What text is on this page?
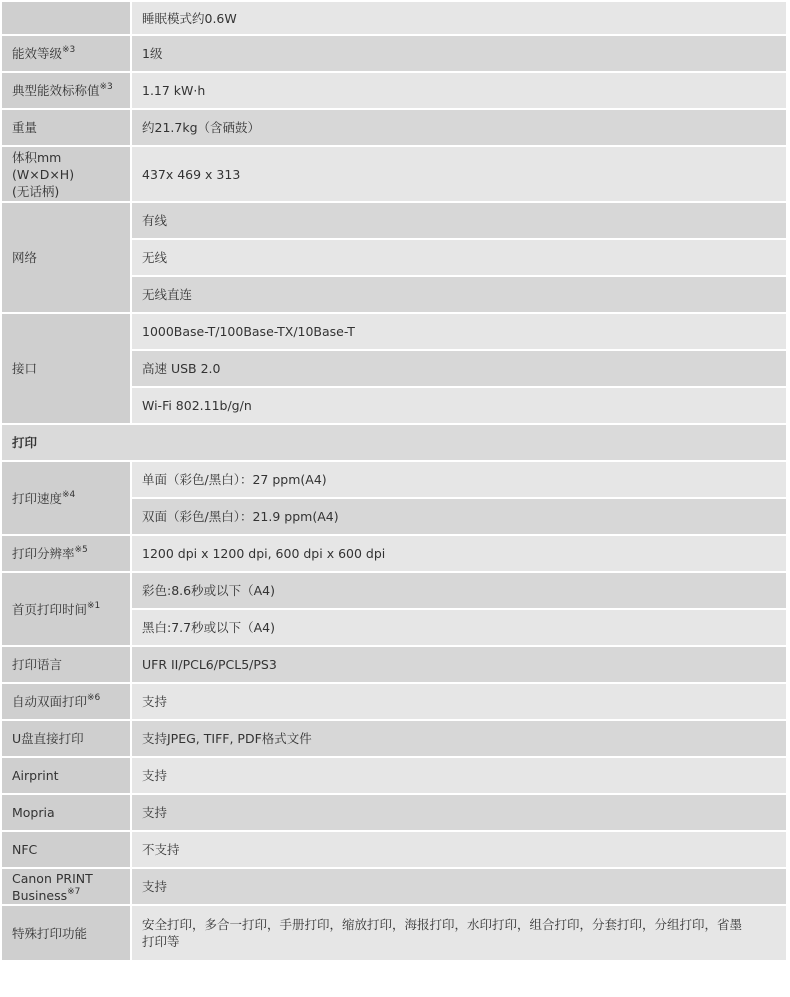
	睡眠模式约0.6W
能效等级$^{※3}$	1级
典型能效标称值$^{※3}$	1.17 kW·h
重量	约21.7kg（含硒鼓）
体积mm (W×D×H)
(无话柄)	437x 469 x 313
网络	有线
	无线
	无线直连
接口	1000Base-T/100Base-TX/10Base-T
	高速 USB 2.0
	Wi-Fi 802.11b/g/n
打印	
打印速度$^{※4}$	单面（彩色/黑白）：27 ppm(A4)
	双面（彩色/黑白）：21.9 ppm(A4)
打印分辨率$^{※5}$	1200 dpi x 1200 dpi, 600 dpi x 600 dpi
首页打印时间$^{※1}$	彩色:8.6秒或以下（A4)
	黑白:7.7秒或以下（A4)
打印语言	UFR II/PCL6/PCL5/PS3
自动双面打印$^{※6}$	支持
U盘直接打印	支持JPEG, TIFF, PDF格式文件
Airprint	支持
Mopria	支持
NFC	不支持
Canon PRINT
Business$^{※7}$	支持
特殊打印功能	安全打印，多合一打印，手册打印，缩放打印，海报打印，水印打印，组合打印，分套打印，分组打印，省墨
打印等
